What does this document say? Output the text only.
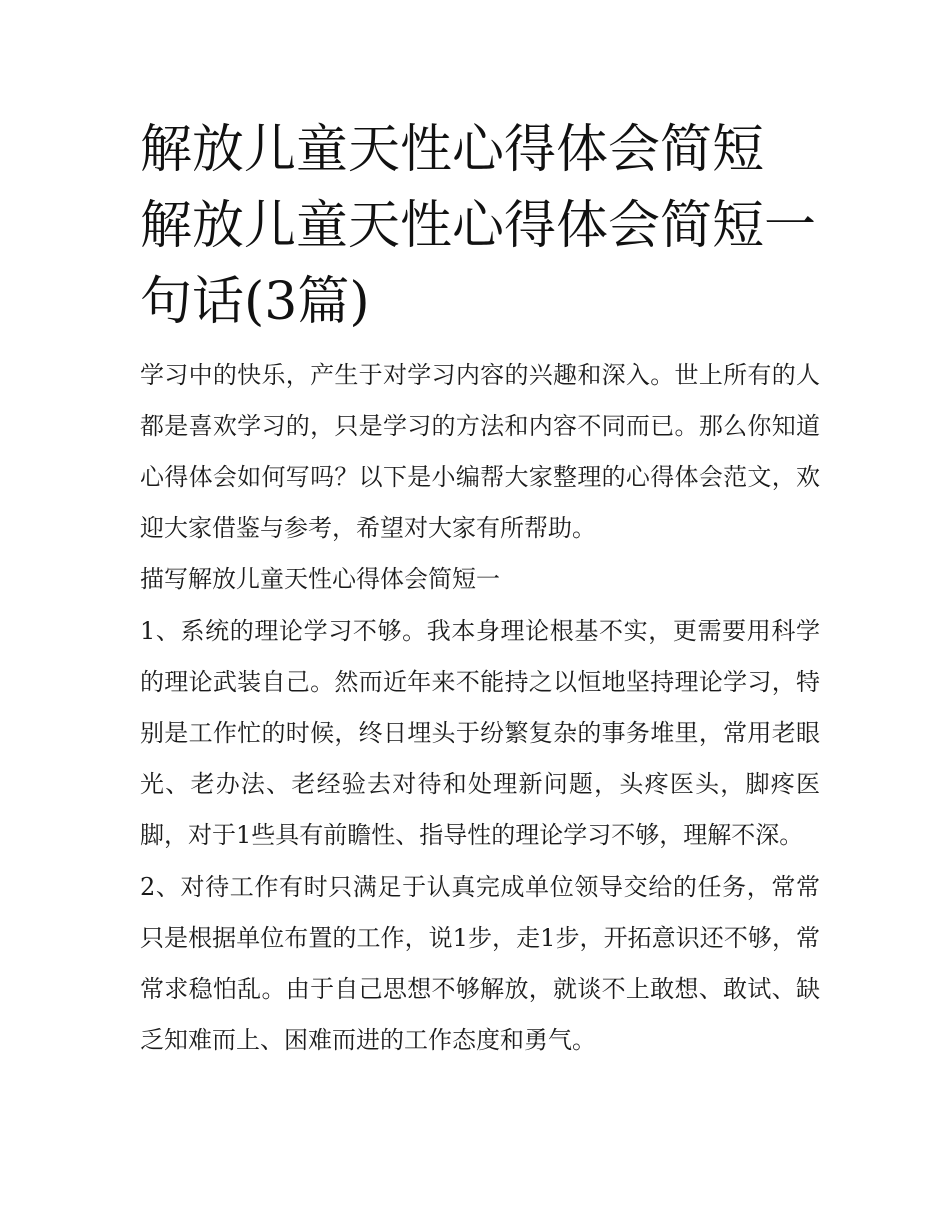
解放儿童天性心得体会简短 解放儿童天性心得体会简短一句话(3篇)

学习中的快乐，产生于对学习内容的兴趣和深入。世上所有的人都是喜欢学习的，只是学习的方法和内容不同而已。那么你知道心得体会如何写吗？以下是小编帮大家整理的心得体会范文，欢迎大家借鉴与参考，希望对大家有所帮助。

描写解放儿童天性心得体会简短一

1、系统的理论学习不够。我本身理论根基不实，更需要用科学的理论武装自己。然而近年来不能持之以恒地坚持理论学习，特别是工作忙的时候，终日埋头于纷繁复杂的事务堆里，常用老眼光、老办法、老经验去对待和处理新问题，头疼医头，脚疼医脚，对于1些具有前瞻性、指导性的理论学习不够，理解不深。

2、对待工作有时只满足于认真完成单位领导交给的任务，常常只是根据单位布置的工作，说1步，走1步，开拓意识还不够，常常求稳怕乱。由于自己思想不够解放，就谈不上敢想、敢试、缺乏知难而上、困难而进的工作态度和勇气。
